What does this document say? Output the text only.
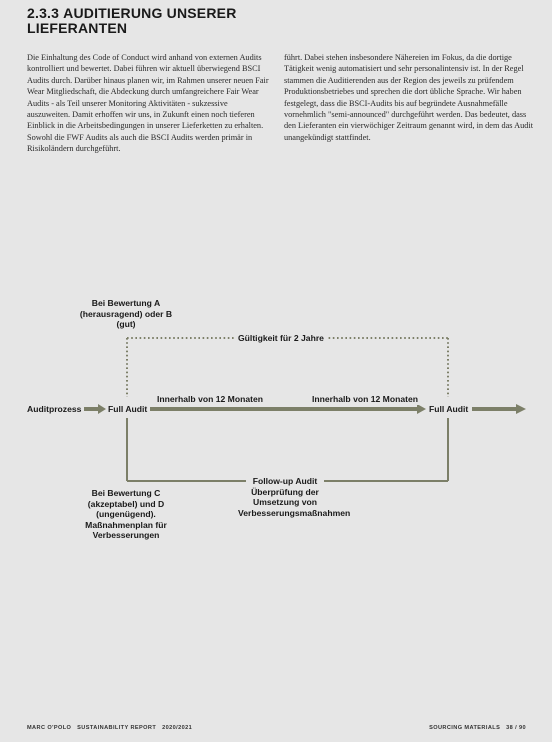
2.3.3 AUDITIERUNG UNSERER LIEFERANTEN

Die Einhaltung des Code of Conduct wird anhand von externen Audits kontrolliert und bewertet. Dabei führen wir aktuell überwiegend BSCI Audits durch. Darüber hinaus planen wir, im Rahmen unserer neuen Fair Wear Mitgliedschaft, die Abdeckung durch umfangreichere Fair Wear Audits - als Teil unserer Monitoring Aktivitäten - sukzessive auszuweiten. Damit erhoffen wir uns, in Zukunft einen noch tieferen Einblick in die Arbeitsbedingungen in unserer Lieferketten zu erhalten. Sowohl die FWF Audits als auch die BSCI Audits werden primär in Risikoländern durchgeführt.

führt. Dabei stehen insbesondere Nähereien im Fokus, da die dortige Tätigkeit wenig automatisiert und sehr personalintensiv ist. In der Regel stammen die Auditierenden aus der Region des jeweils zu prüfendem Produktionsbetriebes und sprechen die dort übliche Sprache. Wir haben festgelegt, dass die BSCI-Audits bis auf begründete Ausnahmefälle vornehmlich "semi-announced" durchgeführt werden. Das bedeutet, dass den Lieferanten ein vierwöchiger Zeitraum genannt wird, in dem das Audit unangekündigt stattfindet.

Bei Bewertung A (herausragend) oder B (gut)
Gültigkeit für 2 Jahre
Auditprozess	Full Audit
Innerhalb von 12 Monaten	Innerhalb von 12 Monaten
Full Audit
Bei Bewertung C (akzeptabel) und D (ungenügend). Maßnahmenplan für Verbesserungen
Follow-up Audit Überprüfung der Umsetzung von Verbesserungsmaßnahmen
MARC O'POLO SUSTAINABILITY REPORT 2020/2021	SOURCING MATERIALS 38 / 90
